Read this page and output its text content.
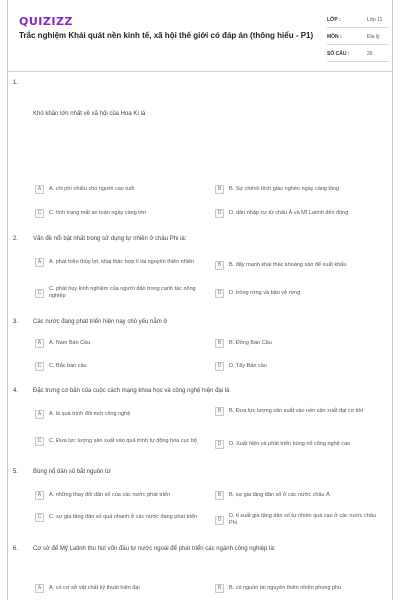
QUIZIZZ
Trắc nghiệm Khái quát nền kinh tế, xã hội thế giới có đáp án (thông hiểu - P1)
LỚP :	Lớp 11
MÔN :	Địa lý
SỐ CÂU :	26
1.
Khó khăn lớn nhất về xã hội của Hoa Kì là
A	A. chi phí nhiều cho người cao tuổi	B	B. Sự chênh lệch giàu nghèo ngày càng tăng
C	C. tình trạng mất an toàn ngày càng lớn	D	D. dân nhập cư từ châu Á và Mĩ Latinh đến đông
2. Vấn đề nổi bật nhất trong sử dụng tự nhiên ở châu Phi là:
A	A. phát triển thủy lợi, khai thác hợp lí tài nguyên thiên nhiên	B	B. đẩy mạnh khai thác khoáng sản để xuất khẩu
C
C. phát huy kinh nghiệm của người dân trong canh tác nông nghiệp	D	D. trồng rừng và bảo vệ rừng
3. Các nước đang phát triển hiện nay chủ yếu nằm ở
A	A. Nam Bán Cầu	B	B. Đông Bán Cầu
C	C. Bắc bán cầu	D	D. Tây Bán cầu
4. Đặc trưng cơ bản của cuộc cách mạng khoa học và công nghệ hiện đại là
A	A. là quá trình đổi mới công nghệ	B	B. Đưa lực lượng sản xuất vào nền sản xuất đại cơ khí
C	C. Đưa lực lượng sản xuất vào quá trình tự động hóa cục bộ	D	D. Xuất hiện và phát triển bùng nổ công nghệ cao
5. Bùng nổ dân số bắt nguồn từ
A	A. những thay đổi dân số của các nước phát triển	B	B. sự gia tăng dân số ở các nước châu Á
C	C. sự gia tăng dân số quá nhanh ở các nước đang phát triển	D
D. tỉ suất gia tăng dân số tự nhiên quá cao ở các nước châu Phi
6. Cơ sở để Mỹ Latinh thu hút vốn đầu tư nước ngoài để phát triển các ngành công nghiệp là:
A	A. có cơ sở vật chất kỹ thuật hiện đại	B	B. có nguồn tài nguyên thiên nhiên phong phú
